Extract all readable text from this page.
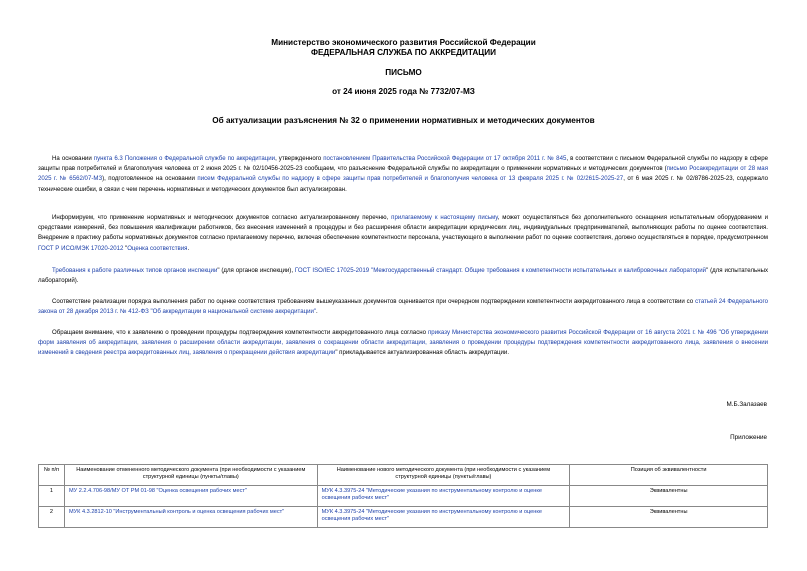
Министерство экономического развития Российской Федерации
ФЕДЕРАЛЬНАЯ СЛУЖБА ПО АККРЕДИТАЦИИ
ПИСЬМО
от 24 июня 2025 года № 7732/07-МЗ
Об актуализации разъяснения № 32 о применении нормативных и методических документов
На основании пункта 6.3 Положения о Федеральной службе по аккредитации, утвержденного постановлением Правительства Российской Федерации от 17 октября 2011 г. № 845, в соответствии с письмом Федеральной службы по надзору в сфере защиты прав потребителей и благополучия человека от 2 июня 2025 г. № 02/10456-2025-23 сообщаем, что разъяснение Федеральной службы по аккредитации о применении нормативных и методических документов (письмо Росаккредитации от 28 мая 2025 г. № 6562/07-МЗ), подготовленное на основании писем Федеральной службы по надзору в сфере защиты прав потребителей и благополучия человека от 13 февраля 2025 г. № 02/2615-2025-27, от 6 мая 2025 г. № 02/8786-2025-23, содержало технические ошибки, в связи с чем перечень нормативных и методических документов был актуализирован.
Информируем, что применение нормативных и методических документов согласно актуализированному перечню, прилагаемому к настоящему письму, может осуществляться без дополнительного оснащения испытательным оборудованием и средствами измерений, без повышения квалификации работников, без внесения изменений в процедуры и без расширения области аккредитации юридических лиц, индивидуальных предпринимателей, выполняющих работы по оценке соответствия. Внедрение в практику работы нормативных документов согласно прилагаемому перечню, включая обеспечение компетентности персонала, участвующего в выполнении работ по оценке соответствия, должно осуществляться в порядке, предусмотренном ГОСТ Р ИСО/МЭК 17020-2012 "Оценка соответствия.
Требования к работе различных типов органов инспекции" (для органов инспекции), ГОСТ ISO/IEC 17025-2019 "Межгосударственный стандарт. Общие требования к компетентности испытательных и калибровочных лабораторий" (для испытательных лабораторий).
Соответствие реализации порядка выполнения работ по оценке соответствия требованиям вышеуказанных документов оценивается при очередном подтверждении компетентности аккредитованного лица в соответствии со статьей 24 Федерального закона от 28 декабря 2013 г. № 412-ФЗ "Об аккредитации в национальной системе аккредитации".
Обращаем внимание, что к заявлению о проведении процедуры подтверждения компетентности аккредитованного лица согласно приказу Министерства экономического развития Российской Федерации от 16 августа 2021 г. № 496 "Об утверждении форм заявления об аккредитации, заявления о расширении области аккредитации, заявления о сокращении области аккредитации, заявления о проведении процедуры подтверждения компетентности аккредитованного лица, заявления о внесении изменений в сведения реестра аккредитованных лиц, заявления о прекращении действия аккредитации" прикладывается актуализированная область аккредитации.
М.Б.Залазаев
Приложение
№ п/п	Наименование отмененного методического документа (при необходимости с указанием структурной единицы (пункты/главы)	Наименование нового методического документа (при необходимости с указанием структурной единицы (пункты/главы)	Позиция об эквивалентности
1	МУ 2.2.4.706-98/МУ ОТ РМ 01-98 "Оценка освещения рабочих мест"	МУК 4.3.3975-24 "Методические указания по инструментальному контролю и оценке освещения рабочих мест"	Эквивалентны
2	МУК 4.3.2812-10 "Инструментальный контроль и оценка освещения рабочих мест"	МУК 4.3.3975-24 "Методические указания по инструментальному контролю и оценке освещения рабочих мест"	Эквивалентны
